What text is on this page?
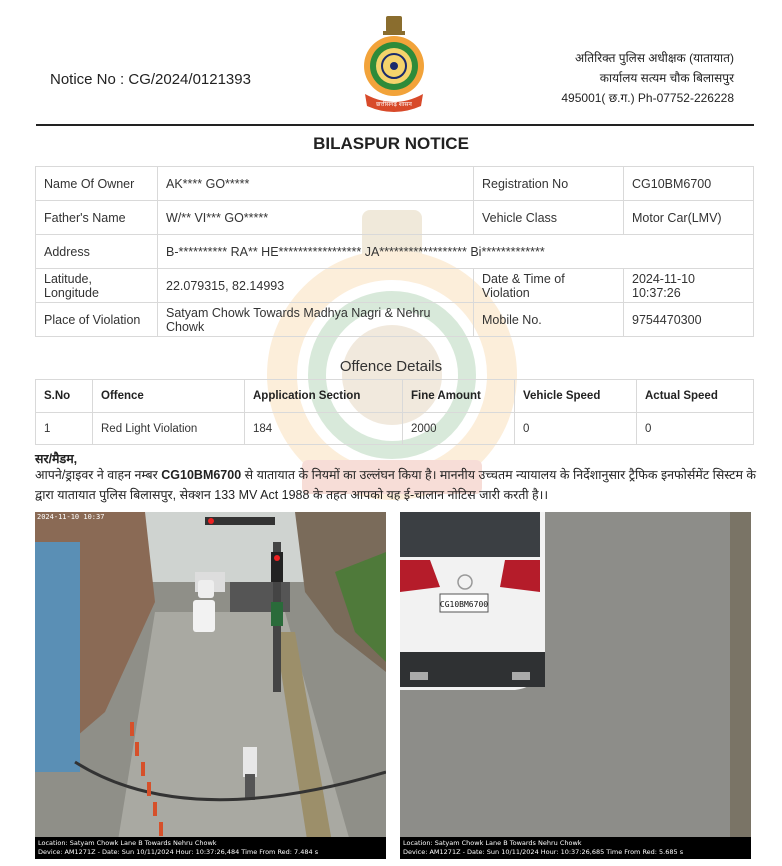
Notice No : CG/2024/0121393
छत्तीसगढ़ शासन
अतिरिक्त पुलिस अधीक्षक (यातायात)
कार्यालय सत्यम चौक बिलासपुर
495001( छ.ग.) Ph-07752-226228
BILASPUR NOTICE
Name Of Owner	AK**** GO*****	Registration No	CG10BM6700
Father's Name	W/** VI*** GO*****	Vehicle Class	Motor Car(LMV)
Address	B-********** RA** HE***************** JA****************** Bi*************		
Latitude, Longitude	22.079315, 82.14993	Date & Time of Violation	2024-11-10 10:37:26
Place of Violation	Satyam Chowk Towards Madhya Nagri & Nehru Chowk	Mobile No.	9754470300
Offence Details
S.No	Offence	Application Section	Fine Amount	Vehicle Speed	Actual Speed
1	Red Light Violation	184	2000	0	0
सर/मैडम,
आपने/ड्राइवर ने वाहन नम्बर CG10BM6700 से यातायात के नियमों का उल्लंघन किया है। माननीय उच्चतम न्यायालय के निर्देशानुसार ट्रैफिक इनफोर्समेंट सिस्टम के द्वारा यातायात पुलिस बिलासपुर, सेक्शन 133 MV Act 1988 के तहत आपको यह ई-चालान नोटिस जारी करती है।।
2024-11-10 10:37
Location: Satyam Chowk Lane B Towards Nehru Chowk
Device: AM1271Z - Date: Sun 10/11/2024 Hour: 10:37:26,484 Time From Red: 7.484 s
CG10BM6700
Location: Satyam Chowk Lane B Towards Nehru Chowk
Device: AM1271Z - Date: Sun 10/11/2024 Hour: 10:37:26,685 Time From Red: 5.685 s
